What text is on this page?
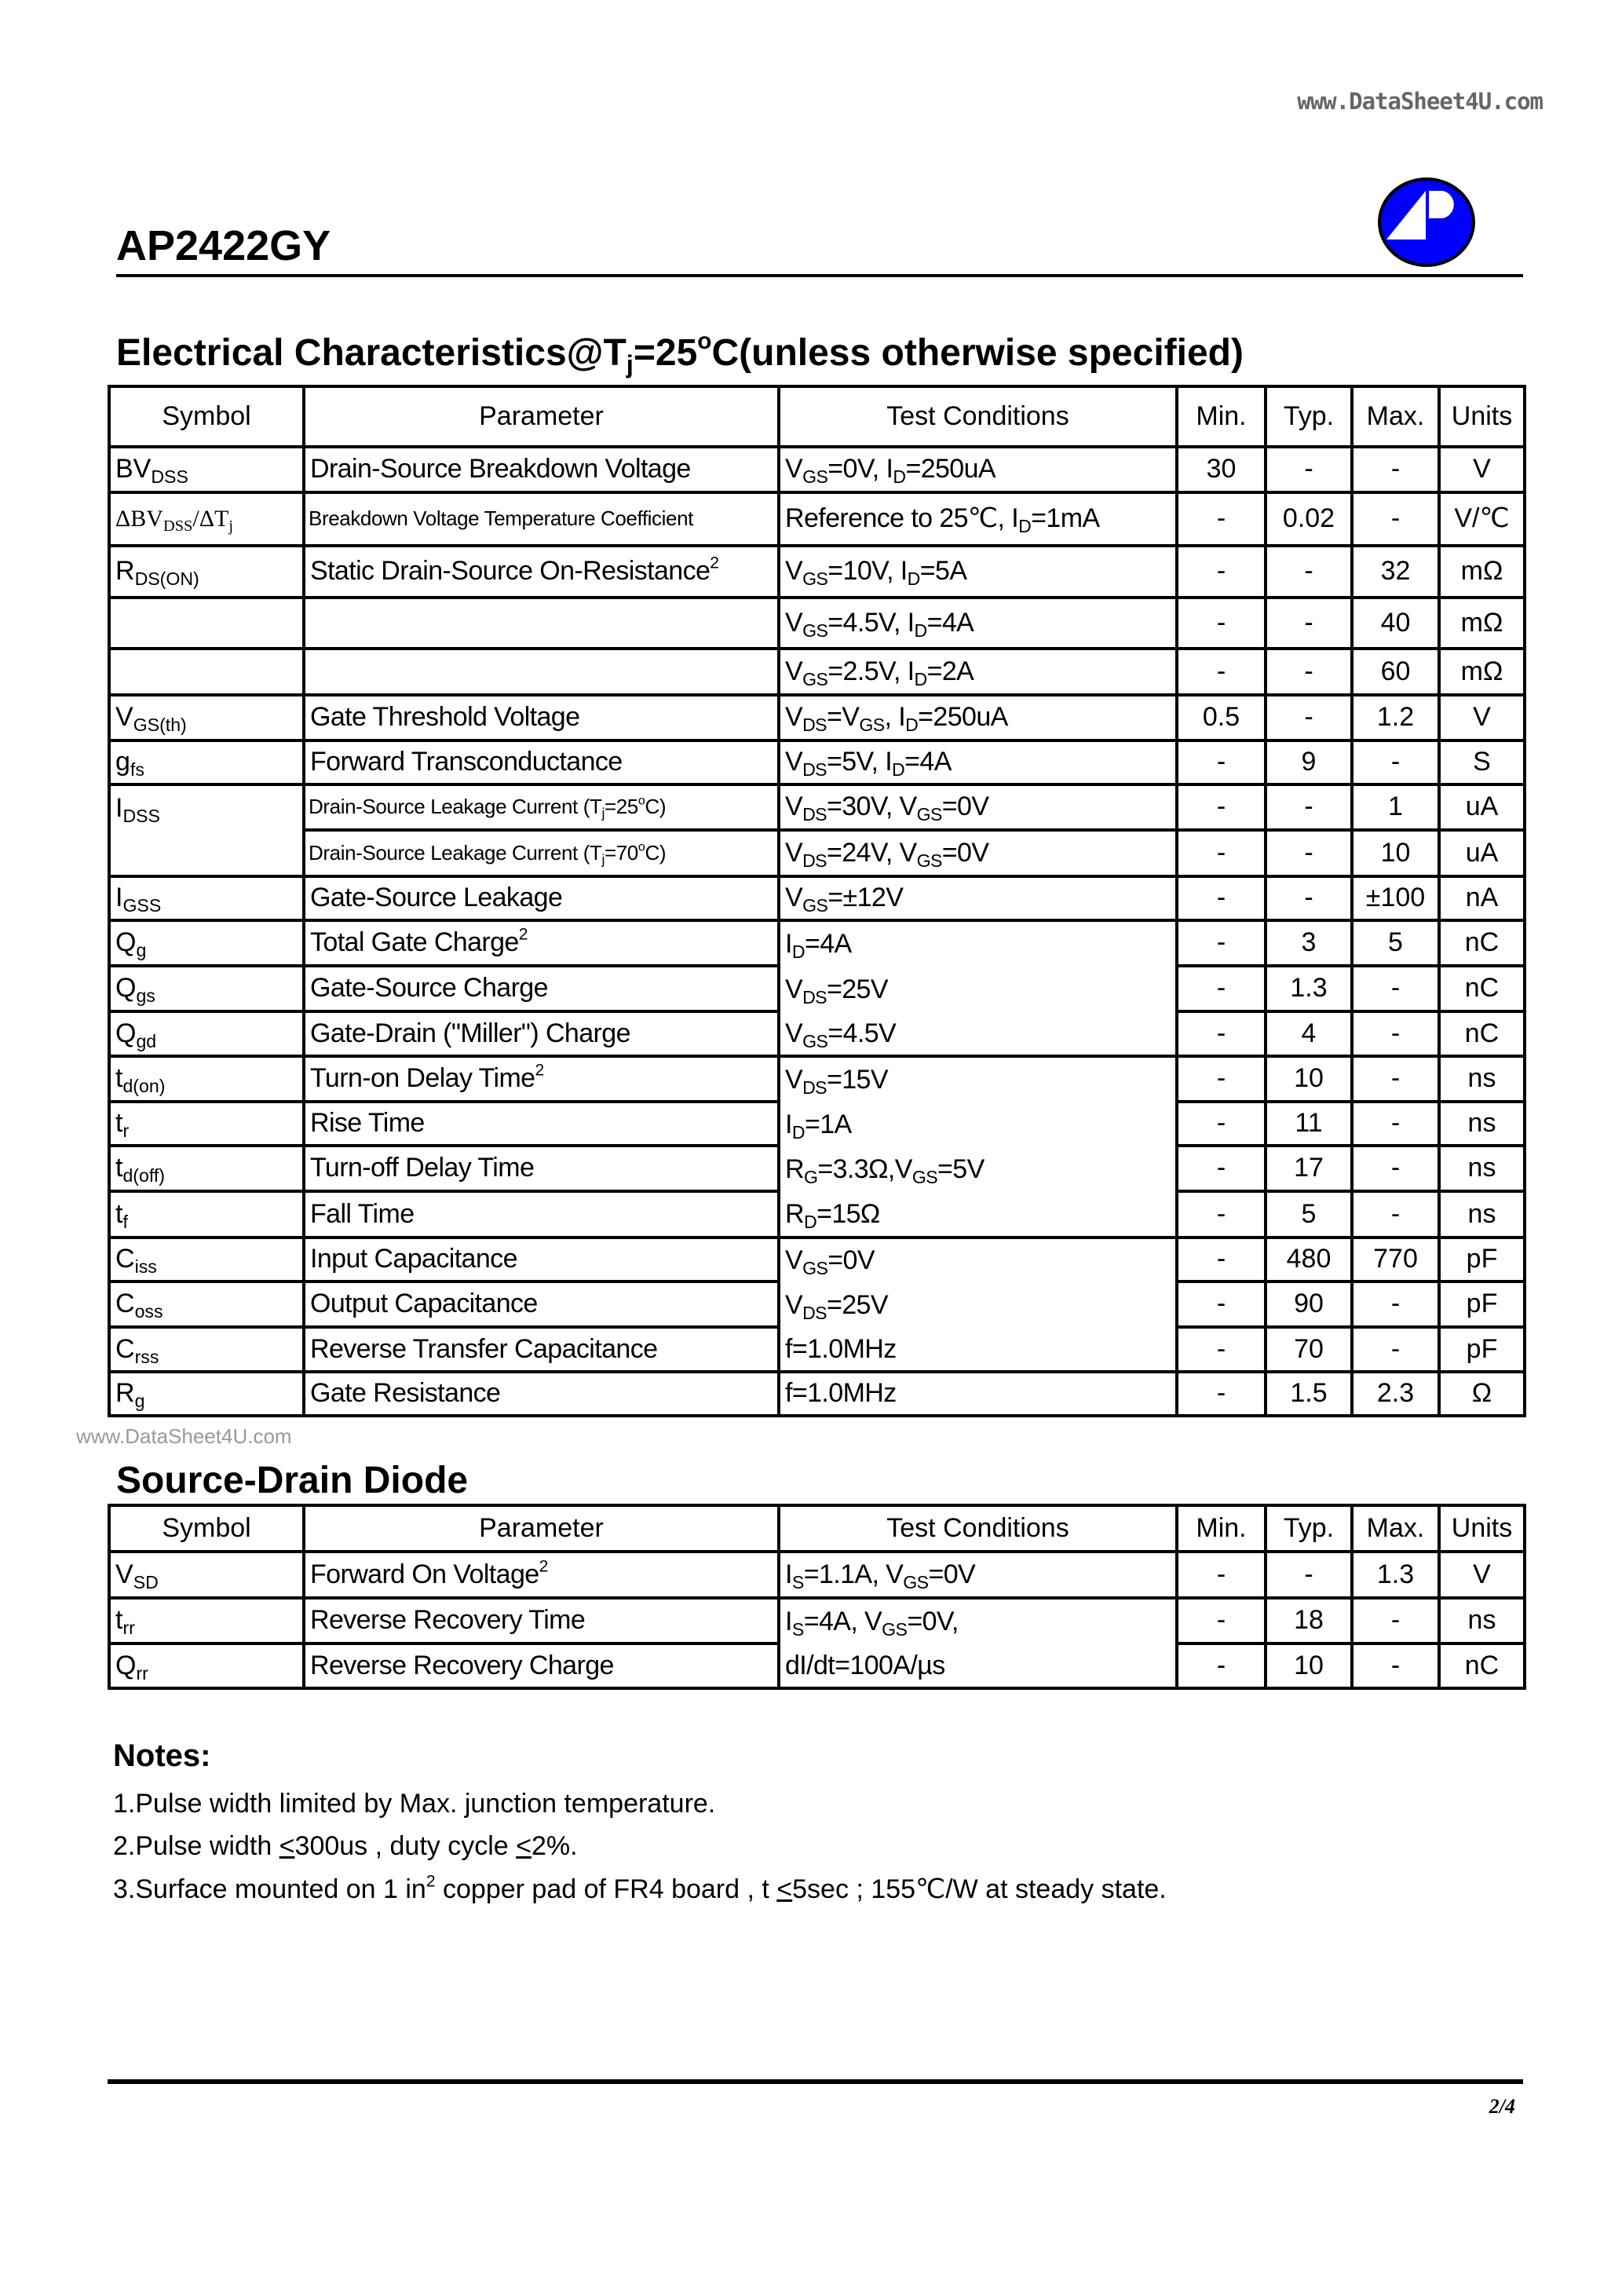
www.DataSheet4U.com
AP2422GY
Electrical $Characteristics@T_j=25^oC(unless$ otherwise specified)
Symbol	Parameter	Test Conditions	Min.	Typ.	Max.	Units
$BV_{DSS}$	Drain-Source Breakdown Voltage	$V_{GS}=0V$, $I_D=250uA$	30	-	-	V
$\Delta BV_{DSS}/\Delta T_j$	Breakdown Voltage Temperature Coefficient	Reference to 25℃, $I_D=1mA$	-	0.02	-	V/℃
$R_{DS(ON)}$	Static Drain-Source On-Resistance$^2$	$V_{GS}=10V$, $I_D=5A$	-	-	32	mΩ
		$V_{GS}=4.5V$, $I_D=4A$	-	-	40	mΩ
		$V_{GS}=2.5V$, $I_D=2A$	-	-	60	mΩ
$V_{GS(th)}$	Gate Threshold Voltage	$V_{DS}=V_{GS}$, $I_D=250uA$	0.5	-	1.2	V
$g_{fs}$	Forward Transconductance	$V_{DS}=5V$, $I_D=4A$	-	9	-	S
$I_{DSS}$	Drain-Source Leakage Current $(T_j=25^oC)$	$V_{DS}=30V$, $V_{GS}=0V$	-	-	1	uA
	Drain-Source Leakage Current $(T_j=70^oC)$	$V_{DS}=24V$, $V_{GS}=0V$	-	-	10	uA
$I_{GSS}$	Gate-Source Leakage	$V_{GS}=\pm 12V$	-	-	±100	nA
$Q_g$	Total Gate Charge$^2$	$I_D=4A$	-	3	5	nC
$Q_{gs}$	Gate-Source Charge	$V_{DS}=25V$	-	1.3	-	nC
$Q_{gd}$	Gate-Drain ("Miller") Charge	$V_{GS}=4.5V$	-	4	-	nC
$t_{d(on)}$	Turn-on Delay Time$^2$	$V_{DS}=15V$	-	10	-	ns
$t_r$	Rise Time	$I_D=1A$	-	11	-	ns
$t_{d(off)}$	Turn-off Delay Time	$R_G=3.3\Omega,V_{GS}=5V$	-	17	-	ns
$t_f$	Fall Time	$R_D=15\Omega$	-	5	-	ns
$C_{iss}$	Input Capacitance	$V_{GS}=0V$	-	480	770	pF
$C_{oss}$	Output Capacitance	$V_{DS}=25V$	-	90	-	pF
$C_{rss}$	Reverse Transfer Capacitance	f=1.0MHz	-	70	-	pF
$R_g$	Gate Resistance	f=1.0MHz	-	1.5	2.3	Ω
www.DataSheet4U.com
Source-Drain Diode
Symbol	Parameter	Test Conditions	Min.	Typ.	Max.	Units
$V_{SD}$	Forward On Voltage$^2$	$I_S=1.1A$, $V_{GS}=0V$	-	-	1.3	V
$t_{rr}$	Reverse Recovery Time	$I_S=4A$, $V_{GS}=0V$,	-	18	-	ns
$Q_{rr}$	Reverse Recovery Charge	dI/dt=100A/µs	-	10	-	nC
Notes:
1.Pulse width limited by Max. junction temperature.
2.Pulse width <300us , duty cycle <2%.
3.Surface mounted on 1 $in^2$ copper pad of FR4 board , t <5sec ; 155℃/W at steady state.
2/4
